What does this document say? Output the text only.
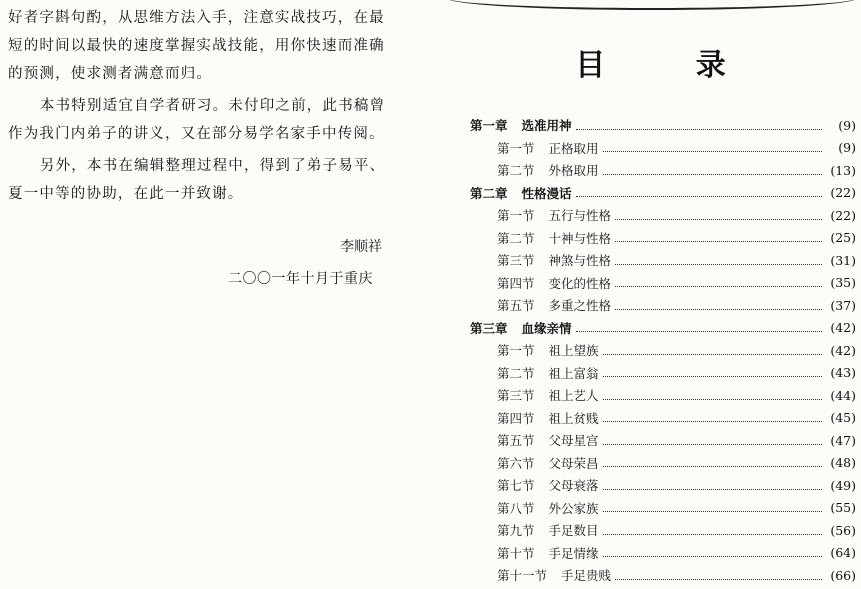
好者字斟句酌，从思维方法入手，注意实战技巧，在最短的时间以最快的速度掌握实战技能，用你快速而准确的预测，使求测者满意而归。

本书特别适宜自学者研习。未付印之前，此书稿曾作为我门内弟子的讲义，又在部分易学名家手中传阅。

另外，本书在编辑整理过程中，得到了弟子易平、夏一中等的协助，在此一并致谢。

李顺祥
二〇〇一年十月于重庆
目 录
第一章 选准用神	(9)
第一节 正格取用	(9)
第二节 外格取用	(13)
第二章 性格漫话	(22)
第一节 五行与性格	(22)
第二节 十神与性格	(25)
第三节 神煞与性格	(31)
第四节 变化的性格	(35)
第五节 多重之性格	(37)
第三章 血缘亲情	(42)
第一节 祖上望族	(42)
第二节 祖上富翁	(43)
第三节 祖上艺人	(44)
第四节 祖上贫贱	(45)
第五节 父母星宫	(47)
第六节 父母荣昌	(48)
第七节 父母衰落	(49)
第八节 外公家族	(55)
第九节 手足数目	(56)
第十节 手足情缘	(64)
第十一节 手足贵贱	(66)
